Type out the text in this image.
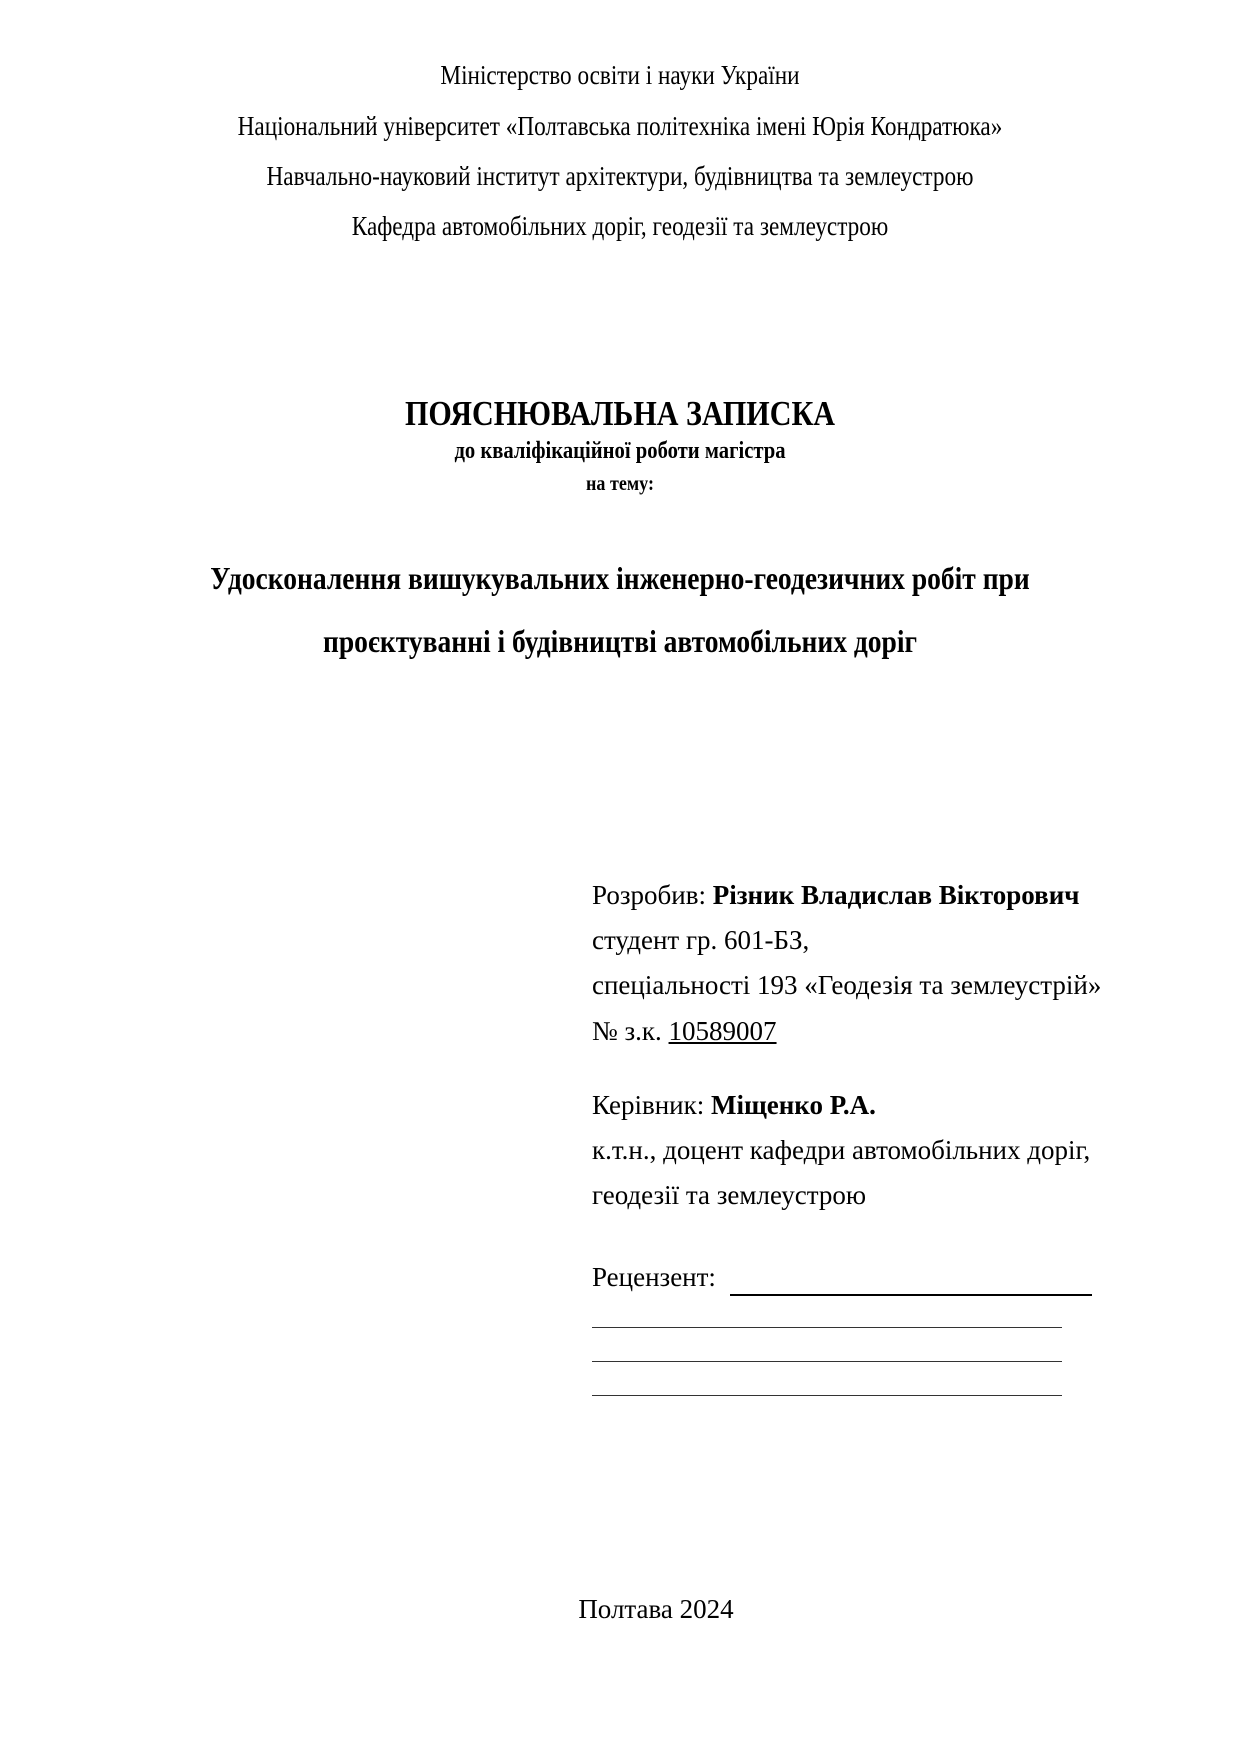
Міністерство освіти і науки України
Національний університет «Полтавська політехніка імені Юрія Кондратюка»
Навчально-науковий інститут архітектури, будівництва та землеустрою
Кафедра автомобільних доріг, геодезії та землеустрою
ПОЯСНЮВАЛЬНА ЗАПИСКА
до кваліфікаційної роботи магістра
на тему:
Удосконалення вишукувальних інженерно-геодезичних робіт при
проєктуванні і будівництві автомобільних доріг
Розробив: Різник Владислав Вікторович
студент гр. 601-БЗ,
спеціальності 193 «Геодезія та землеустрій»
№ з.к. 10589007
Керівник: Міщенко Р.А.
к.т.н., доцент кафедри автомобільних доріг,
геодезії та землеустрою
Рецензент:
Полтава 2024
